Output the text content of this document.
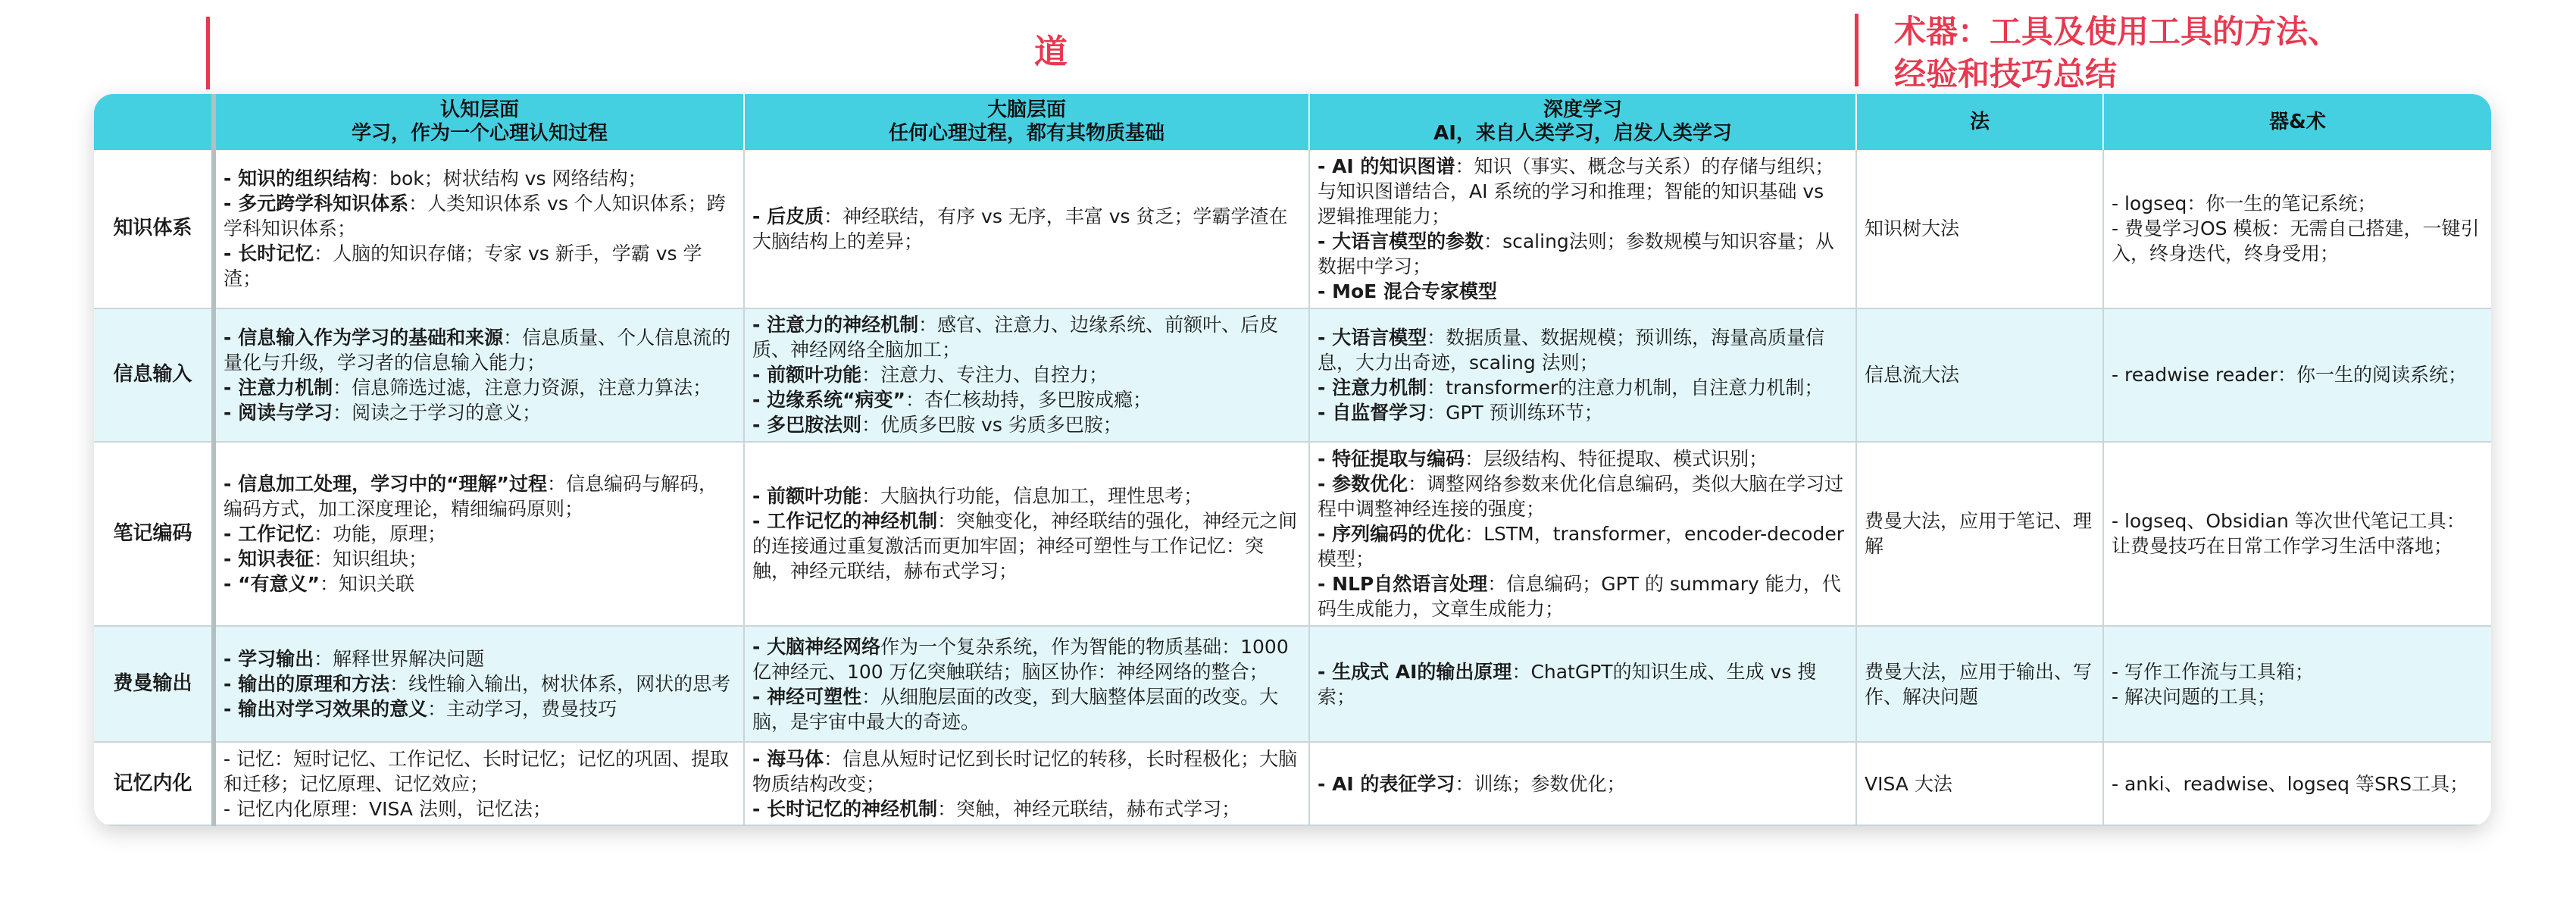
道
术器：工具及使用工具的方法、经验和技巧总结

	认知层面
学习，作为一个心理认知过程	大脑层面
任何心理过程，都有其物质基础	深度学习
AI，来自人类学习，启发人类学习	法	器&术

知识体系	- 知识的组织结构：bok；树状结构 vs 网络结构；
- 多元跨学科知识体系：人类知识体系 vs 个人知识体系；跨学科知识体系；
- 长时记忆：人脑的知识存储；专家 vs 新手，学霸 vs 学渣；	- 后皮质：神经联结，有序 vs 无序，丰富 vs 贫乏；学霸学渣在大脑结构上的差异；	- AI 的知识图谱：知识（事实、概念与关系）的存储与组织；与知识图谱结合，AI 系统的学习和推理；智能的知识基础 vs 逻辑推理能力；
- 大语言模型的参数：scaling法则；参数规模与知识容量；从数据中学习；
- MoE 混合专家模型	知识树大法	- logseq：你一生的笔记系统；
- 费曼学习OS 模板：无需自己搭建，一键引入，终身迭代，终身受用；

信息输入	- 信息输入作为学习的基础和来源：信息质量、个人信息流的量化与升级，学习者的信息输入能力；
- 注意力机制：信息筛选过滤，注意力资源，注意力算法；
- 阅读与学习：阅读之于学习的意义；	- 注意力的神经机制：感官、注意力、边缘系统、前额叶、后皮质、神经网络全脑加工；
- 前额叶功能：注意力、专注力、自控力；
- 边缘系统“病变”：杏仁核劫持，多巴胺成瘾；
- 多巴胺法则：优质多巴胺 vs 劣质多巴胺；	- 大语言模型：数据质量、数据规模；预训练，海量高质量信息，大力出奇迹，scaling 法则；
- 注意力机制：transformer的注意力机制，自注意力机制；
- 自监督学习：GPT 预训练环节；	信息流大法	- readwise reader：你一生的阅读系统；

笔记编码	- 信息加工处理，学习中的“理解”过程：信息编码与解码，编码方式，加工深度理论，精细编码原则；
- 工作记忆：功能，原理；
- 知识表征：知识组块；
- “有意义”：知识关联	- 前额叶功能：大脑执行功能，信息加工，理性思考；
- 工作记忆的神经机制：突触变化，神经联结的强化，神经元之间的连接通过重复激活而更加牢固；神经可塑性与工作记忆：突触，神经元联结，赫布式学习；	- 特征提取与编码：层级结构、特征提取、模式识别；
- 参数优化：调整网络参数来优化信息编码，类似大脑在学习过程中调整神经连接的强度；
- 序列编码的优化：LSTM，transformer，encoder-decoder 模型；
- NLP自然语言处理：信息编码；GPT 的 summary 能力，代码生成能力，文章生成能力；	费曼大法，应用于笔记、理解	- logseq、Obsidian 等次世代笔记工具：让费曼技巧在日常工作学习生活中落地；

费曼输出	- 学习输出：解释世界解决问题
- 输出的原理和方法：线性输入输出，树状体系，网状的思考
- 输出对学习效果的意义：主动学习，费曼技巧	- 大脑神经网络作为一个复杂系统，作为智能的物质基础：1000亿神经元、100 万亿突触联结；脑区协作：神经网络的整合；
- 神经可塑性：从细胞层面的改变，到大脑整体层面的改变。大脑，是宇宙中最大的奇迹。	- 生成式 AI的输出原理：ChatGPT的知识生成、生成 vs 搜索；	费曼大法，应用于输出、写作、解决问题	- 写作工作流与工具箱；
- 解决问题的工具；

记忆内化	- 记忆：短时记忆、工作记忆、长时记忆；记忆的巩固、提取和迁移；记忆原理、记忆效应；
- 记忆内化原理：VISA 法则，记忆法；	- 海马体：信息从短时记忆到长时记忆的转移，长时程极化；大脑物质结构改变；
- 长时记忆的神经机制：突触，神经元联结，赫布式学习；	- AI 的表征学习：训练；参数优化；	VISA 大法	- anki、readwise、logseq 等SRS工具；
